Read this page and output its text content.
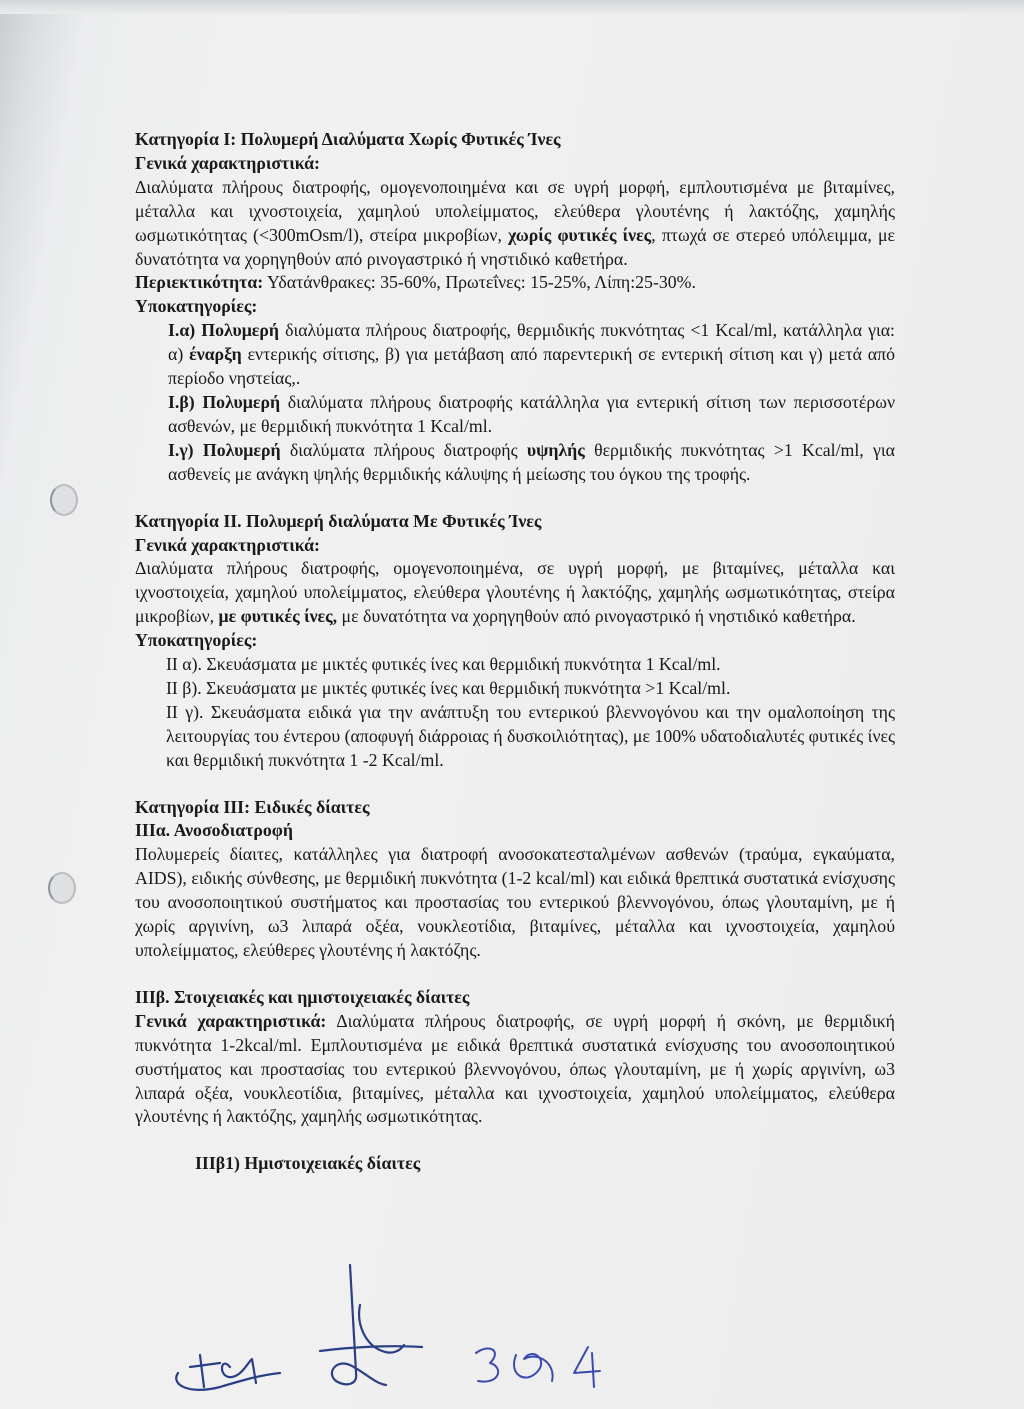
Κατηγορία Ι: Πολυμερή Διαλύματα Χωρίς Φυτικές Ίνες

Γενικά χαρακτηριστικά:

Διαλύματα πλήρους διατροφής, ομογενοποιημένα και σε υγρή μορφή, εμπλουτισμένα με βιταμίνες, μέταλλα και ιχνοστοιχεία, χαμηλού υπολείμματος, ελεύθερα γλουτένης ή λακτόζης, χαμηλής ωσμωτικότητας (<300mOsm/l), στείρα μικροβίων, χωρίς φυτικές ίνες, πτωχά σε στερεό υπόλειμμα, με δυνατότητα να χορηγηθούν από ρινογαστρικό ή νηστιδικό καθετήρα.

Περιεκτικότητα: Υδατάνθρακες: 35-60%, Πρωτεΐνες: 15-25%, Λίπη:25-30%.

Υποκατηγορίες:

Ι.α) Πολυμερή διαλύματα πλήρους διατροφής, θερμιδικής πυκνότητας <1 Kcal/ml, κατάλληλα για: α) έναρξη εντερικής σίτισης, β) για μετάβαση από παρεντερική σε εντερική σίτιση και γ) μετά από περίοδο νηστείας,.

Ι.β) Πολυμερή διαλύματα πλήρους διατροφής κατάλληλα για εντερική σίτιση των περισσοτέρων ασθενών, με θερμιδική πυκνότητα 1 Kcal/ml.

Ι.γ) Πολυμερή διαλύματα πλήρους διατροφής υψηλής θερμιδικής πυκνότητας >1 Kcal/ml, για ασθενείς με ανάγκη ψηλής θερμιδικής κάλυψης ή μείωσης του όγκου της τροφής.

Κατηγορία ΙΙ. Πολυμερή διαλύματα Με Φυτικές Ίνες

Γενικά χαρακτηριστικά:

Διαλύματα πλήρους διατροφής, ομογενοποιημένα, σε υγρή μορφή, με βιταμίνες, μέταλλα και ιχνοστοιχεία, χαμηλού υπολείμματος, ελεύθερα γλουτένης ή λακτόζης, χαμηλής ωσμωτικότητας, στείρα μικροβίων, με φυτικές ίνες, με δυνατότητα να χορηγηθούν από ρινογαστρικό ή νηστιδικό καθετήρα.

Υποκατηγορίες:

ΙΙ α). Σκευάσματα με μικτές φυτικές ίνες και θερμιδική πυκνότητα 1 Kcal/ml.

ΙΙ β). Σκευάσματα με μικτές φυτικές ίνες και θερμιδική πυκνότητα >1 Kcal/ml.

ΙΙ γ). Σκευάσματα ειδικά για την ανάπτυξη του εντερικού βλεννογόνου και την ομαλοποίηση της λειτουργίας του έντερου (αποφυγή διάρροιας ή δυσκοιλιότητας), με 100% υδατοδιαλυτές φυτικές ίνες και θερμιδική πυκνότητα 1 -2 Kcal/ml.

Κατηγορία ΙΙΙ: Ειδικές δίαιτες

ΙΙΙα. Ανοσοδιατροφή

Πολυμερείς δίαιτες, κατάλληλες για διατροφή ανοσοκατεσταλμένων ασθενών (τραύμα, εγκαύματα, AIDS), ειδικής σύνθεσης, με θερμιδική πυκνότητα (1-2 kcal/ml) και ειδικά θρεπτικά συστατικά ενίσχυσης του ανοσοποιητικού συστήματος και προστασίας του εντερικού βλεννογόνου, όπως γλουταμίνη, με ή χωρίς αργινίνη, ω3 λιπαρά οξέα, νουκλεοτίδια, βιταμίνες, μέταλλα και ιχνοστοιχεία, χαμηλού υπολείμματος, ελεύθερες γλουτένης ή λακτόζης.

ΙΙΙβ. Στοιχειακές και ημιστοιχειακές δίαιτες

Γενικά χαρακτηριστικά: Διαλύματα πλήρους διατροφής, σε υγρή μορφή ή σκόνη, με θερμιδική πυκνότητα 1-2kcal/ml. Εμπλουτισμένα με ειδικά θρεπτικά συστατικά ενίσχυσης του ανοσοποιητικού συστήματος και προστασίας του εντερικού βλεννογόνου, όπως γλουταμίνη, με ή χωρίς αργινίνη, ω3 λιπαρά οξέα, νουκλεοτίδια, βιταμίνες, μέταλλα και ιχνοστοιχεία, χαμηλού υπολείμματος, ελεύθερα γλουτένης ή λακτόζης, χαμηλής ωσμωτικότητας.

ΙΙΙβ1) Ημιστοιχειακές δίαιτες
